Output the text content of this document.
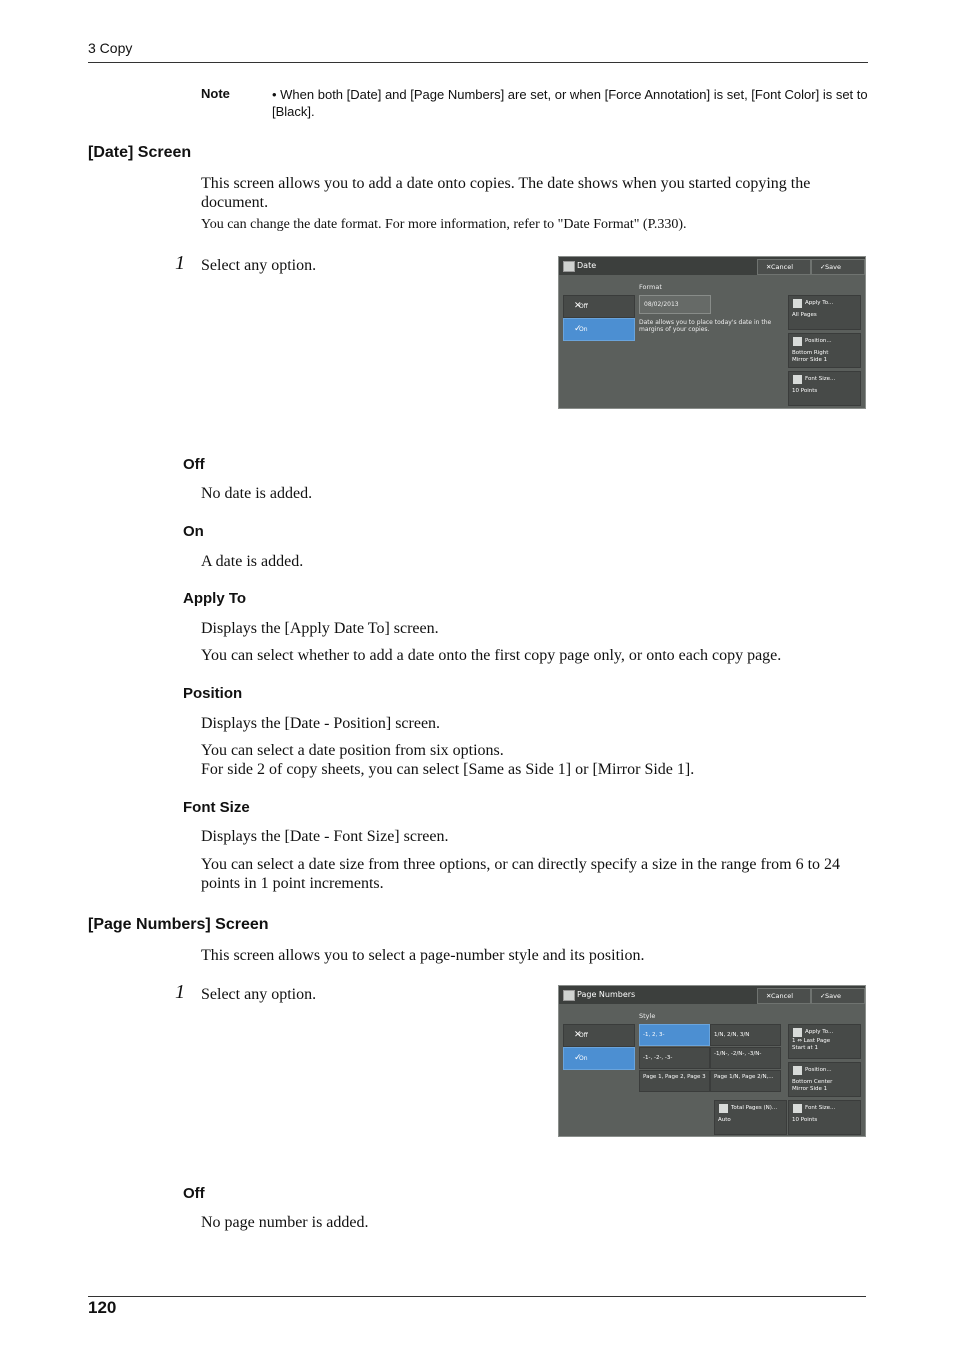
3 Copy
Note	• When both [Date] and [Page Numbers] are set, or when [Force Annotation] is set, [Font Color] is set to [Black].
[Date] Screen
This screen allows you to add a date onto copies. The date shows when you started copying the document.
You can change the date format. For more information, refer to "Date Format" (P.330).
1 Select any option.	Date	✕Cancel	✓Save
Format
08/02/2013
Date allows you to place today's date in the margins of your copies.
✕Off
✓On
Apply To...
All Pages
Position...
Bottom Right
Mirror Side 1
Font Size...
10 Points
Off
No date is added.
On
A date is added.
Apply To
Displays the [Apply Date To] screen.
You can select whether to add a date onto the first copy page only, or onto each copy page.
Position
Displays the [Date - Position] screen.
You can select a date position from six options.
For side 2 of copy sheets, you can select [Same as Side 1] or [Mirror Side 1].
Font Size
Displays the [Date - Font Size] screen.
You can select a date size from three options, or can directly specify a size in the range from 6 to 24 points in 1 point increments.
[Page Numbers] Screen
This screen allows you to select a page-number style and its position.
1 Select any option.	Page Numbers	✕Cancel	✓Save
Style
✕Off
✓On
-1, 2, 3-	1/N, 2/N, 3/N
-1-, -2-, -3-
-1/N-, -2/N-, -3/N-
Page 1, Page 2, Page 3 Page 1/N, Page 2/N,...
Total Pages (N)...
Auto
Apply To...
1 ⇔ Last Page
Start at 1
Position...
Bottom Center
Mirror Side 1
Font Size...
10 Points
Off
No page number is added.
120
